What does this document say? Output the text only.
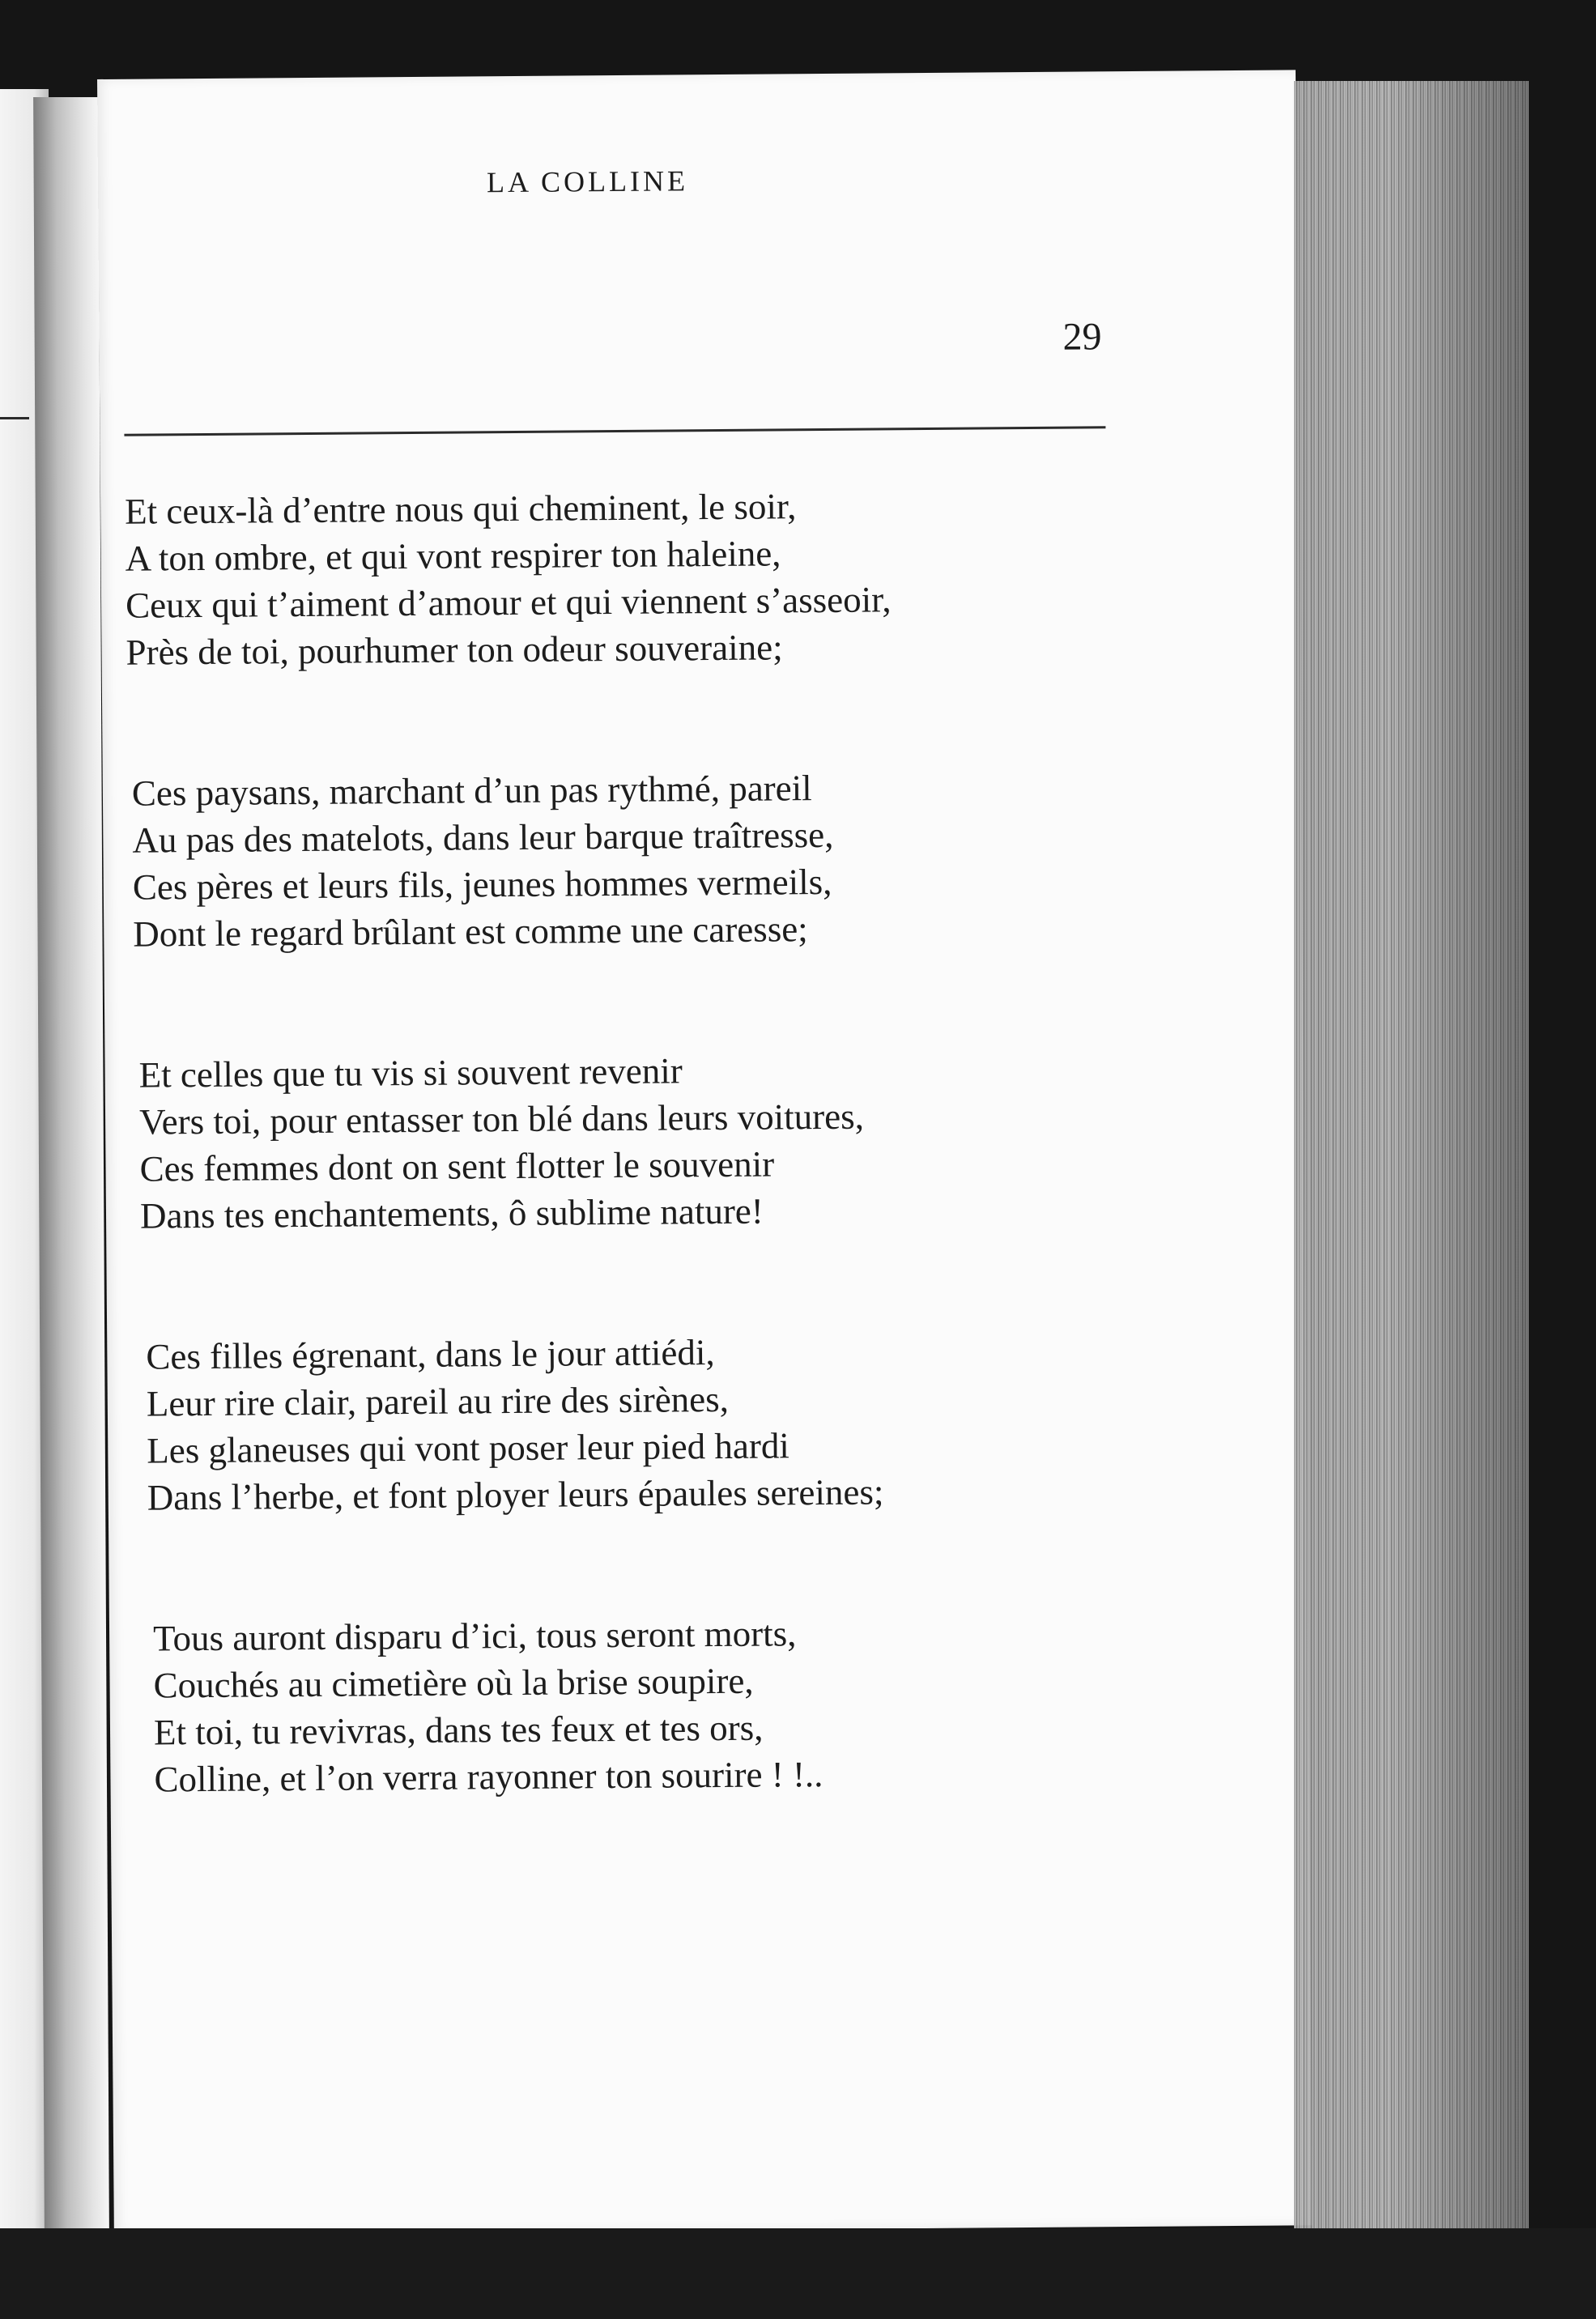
LA COLLINE
29
Et ceux-là d’entre nous qui cheminent, le soir,
A ton ombre, et qui vont respirer ton haleine,
Ceux qui t’aiment d’amour et qui viennent s’asseoir,
Près de toi, pourhumer ton odeur souveraine;
Ces paysans, marchant d’un pas rythmé, pareil
Au pas des matelots, dans leur barque traîtresse,
Ces pères et leurs fils, jeunes hommes vermeils,
Dont le regard brûlant est comme une caresse;
Et celles que tu vis si souvent revenir
Vers toi, pour entasser ton blé dans leurs voitures,
Ces femmes dont on sent flotter le souvenir
Dans tes enchantements, ô sublime nature!
Ces filles égrenant, dans le jour attiédi,
Leur rire clair, pareil au rire des sirènes,
Les glaneuses qui vont poser leur pied hardi
Dans l’herbe, et font ployer leurs épaules sereines;
Tous auront disparu d’ici, tous seront morts,
Couchés au cimetière où la brise soupire,
Et toi, tu revivras, dans tes feux et tes ors,
Colline, et l’on verra rayonner ton sourire ! !..
